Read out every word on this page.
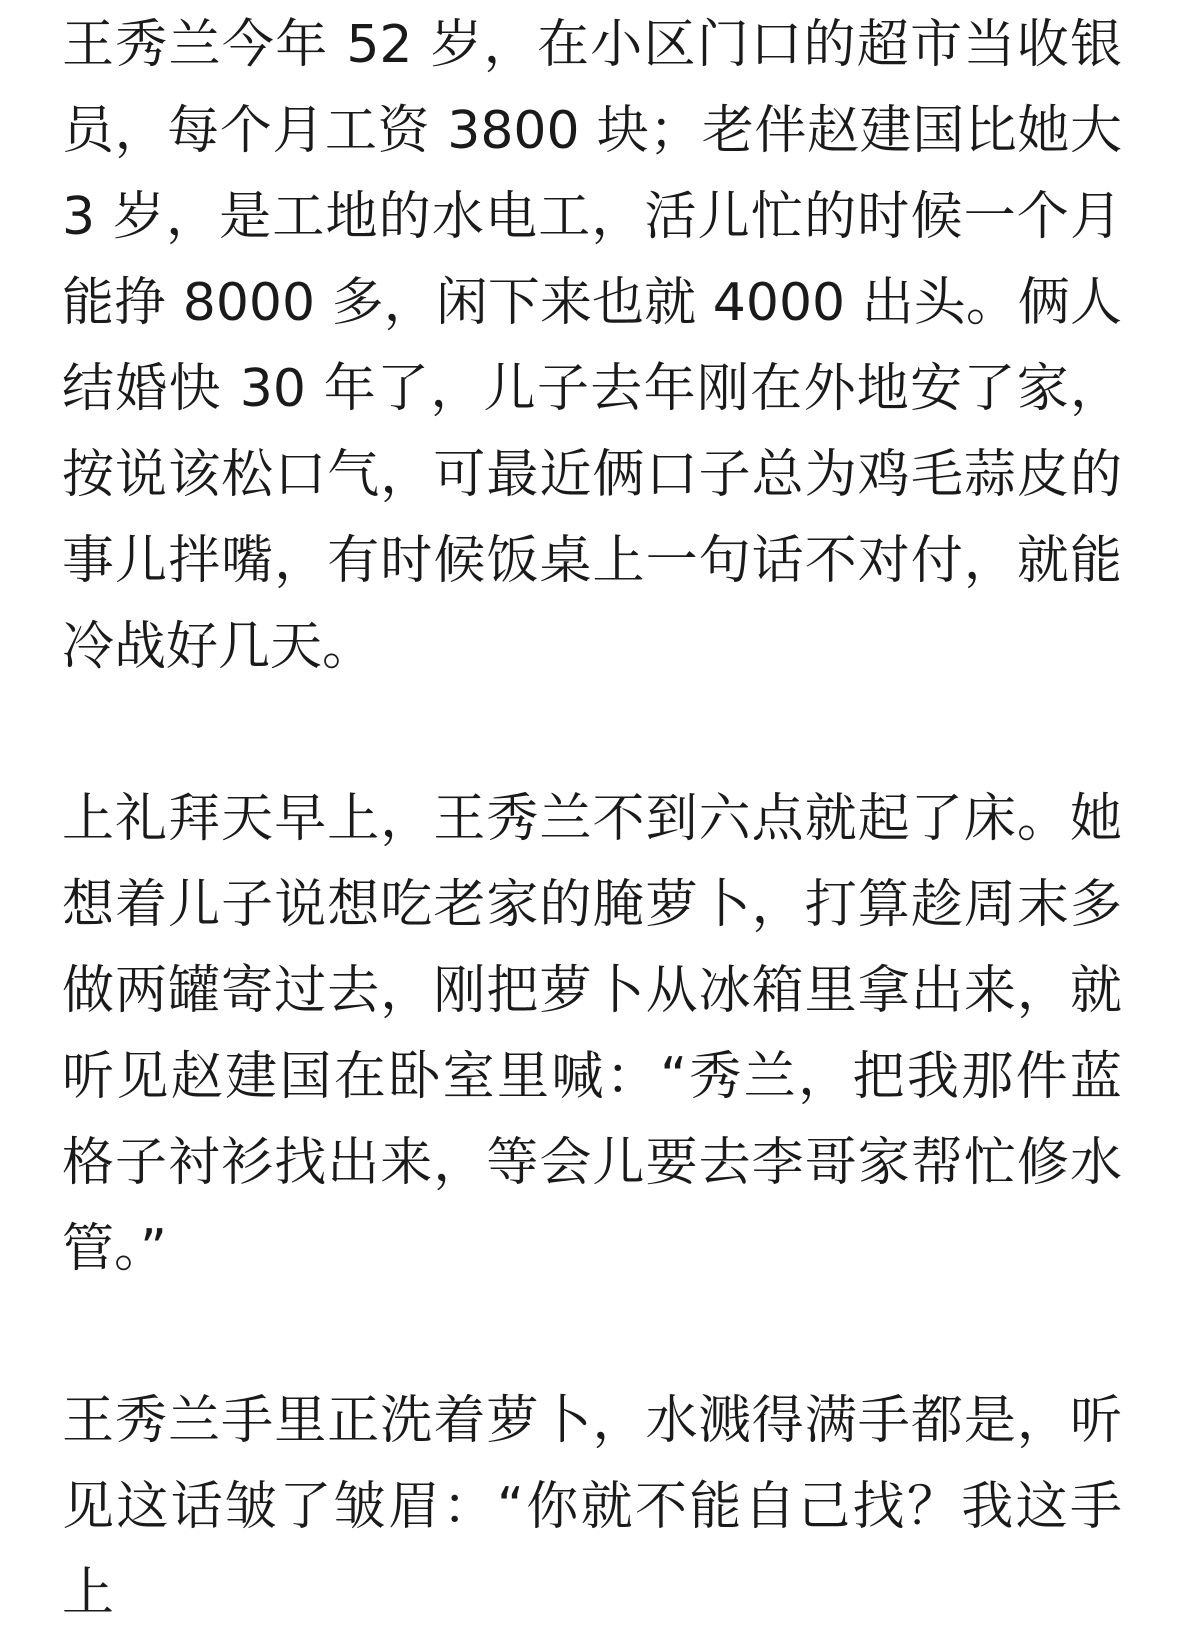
王秀兰今年 52 岁，在小区门口的超市当收银员，每个月工资 3800 块；老伴赵建国比她大 3 岁，是工地的水电工，活儿忙的时候一个月能挣 8000 多，闲下来也就 4000 出头。俩人结婚快 30 年了，儿子去年刚在外地安了家，按说该松口气，可最近俩口子总为鸡毛蒜皮的事儿拌嘴，有时候饭桌上一句话不对付，就能冷战好几天。

上礼拜天早上，王秀兰不到六点就起了床。她想着儿子说想吃老家的腌萝卜，打算趁周末多做两罐寄过去，刚把萝卜从冰箱里拿出来，就听见赵建国在卧室里喊：“秀兰，把我那件蓝格子衬衫找出来，等会儿要去李哥家帮忙修水管。”

王秀兰手里正洗着萝卜，水溅得满手都是，听见这话皱了皱眉：“你就不能自己找？我这手上
